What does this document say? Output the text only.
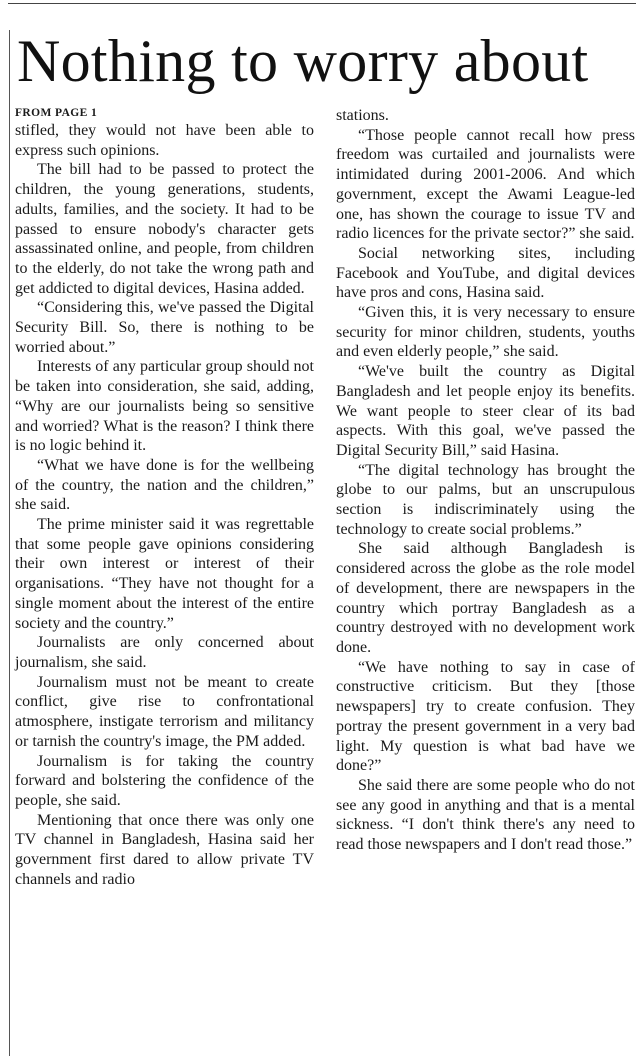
Nothing to worry about
FROM PAGE 1

stifled, they would not have been able to express such opinions.

The bill had to be passed to protect the children, the young generations, students, adults, families, and the society. It had to be passed to ensure nobody's character gets assassinated online, and people, from children to the elderly, do not take the wrong path and get addicted to digital devices, Hasina added.

“Considering this, we've passed the Digital Security Bill. So, there is nothing to be worried about.”

Interests of any particular group should not be taken into consideration, she said, adding, “Why are our journalists being so sensitive and worried? What is the reason? I think there is no logic behind it.

“What we have done is for the wellbeing of the country, the nation and the children,” she said.

The prime minister said it was regrettable that some people gave opinions considering their own interest or interest of their organisations. “They have not thought for a single moment about the interest of the entire society and the country.”

Journalists are only concerned about journalism, she said.

Journalism must not be meant to create conflict, give rise to confrontational atmosphere, instigate terrorism and militancy or tarnish the country's image, the PM added.

Journalism is for taking the country forward and bolstering the confidence of the people, she said.

Mentioning that once there was only one TV channel in Bangladesh, Hasina said her government first dared to allow private TV channels and radio

stations.

“Those people cannot recall how press freedom was curtailed and journalists were intimidated during 2001-2006. And which government, except the Awami League-led one, has shown the courage to issue TV and radio licences for the private sector?” she said.

Social networking sites, including Facebook and YouTube, and digital devices have pros and cons, Hasina said.

“Given this, it is very necessary to ensure security for minor children, students, youths and even elderly people,” she said.

“We've built the country as Digital Bangladesh and let people enjoy its benefits. We want people to steer clear of its bad aspects. With this goal, we've passed the Digital Security Bill,” said Hasina.

“The digital technology has brought the globe to our palms, but an unscrupulous section is indiscriminately using the technology to create social problems.”

She said although Bangladesh is considered across the globe as the role model of development, there are newspapers in the country which portray Bangladesh as a country destroyed with no development work done.

“We have nothing to say in case of constructive criticism. But they [those newspapers] try to create confusion. They portray the present government in a very bad light. My question is what bad have we done?”

She said there are some people who do not see any good in anything and that is a mental sickness. “I don't think there's any need to read those newspapers and I don't read those.”
